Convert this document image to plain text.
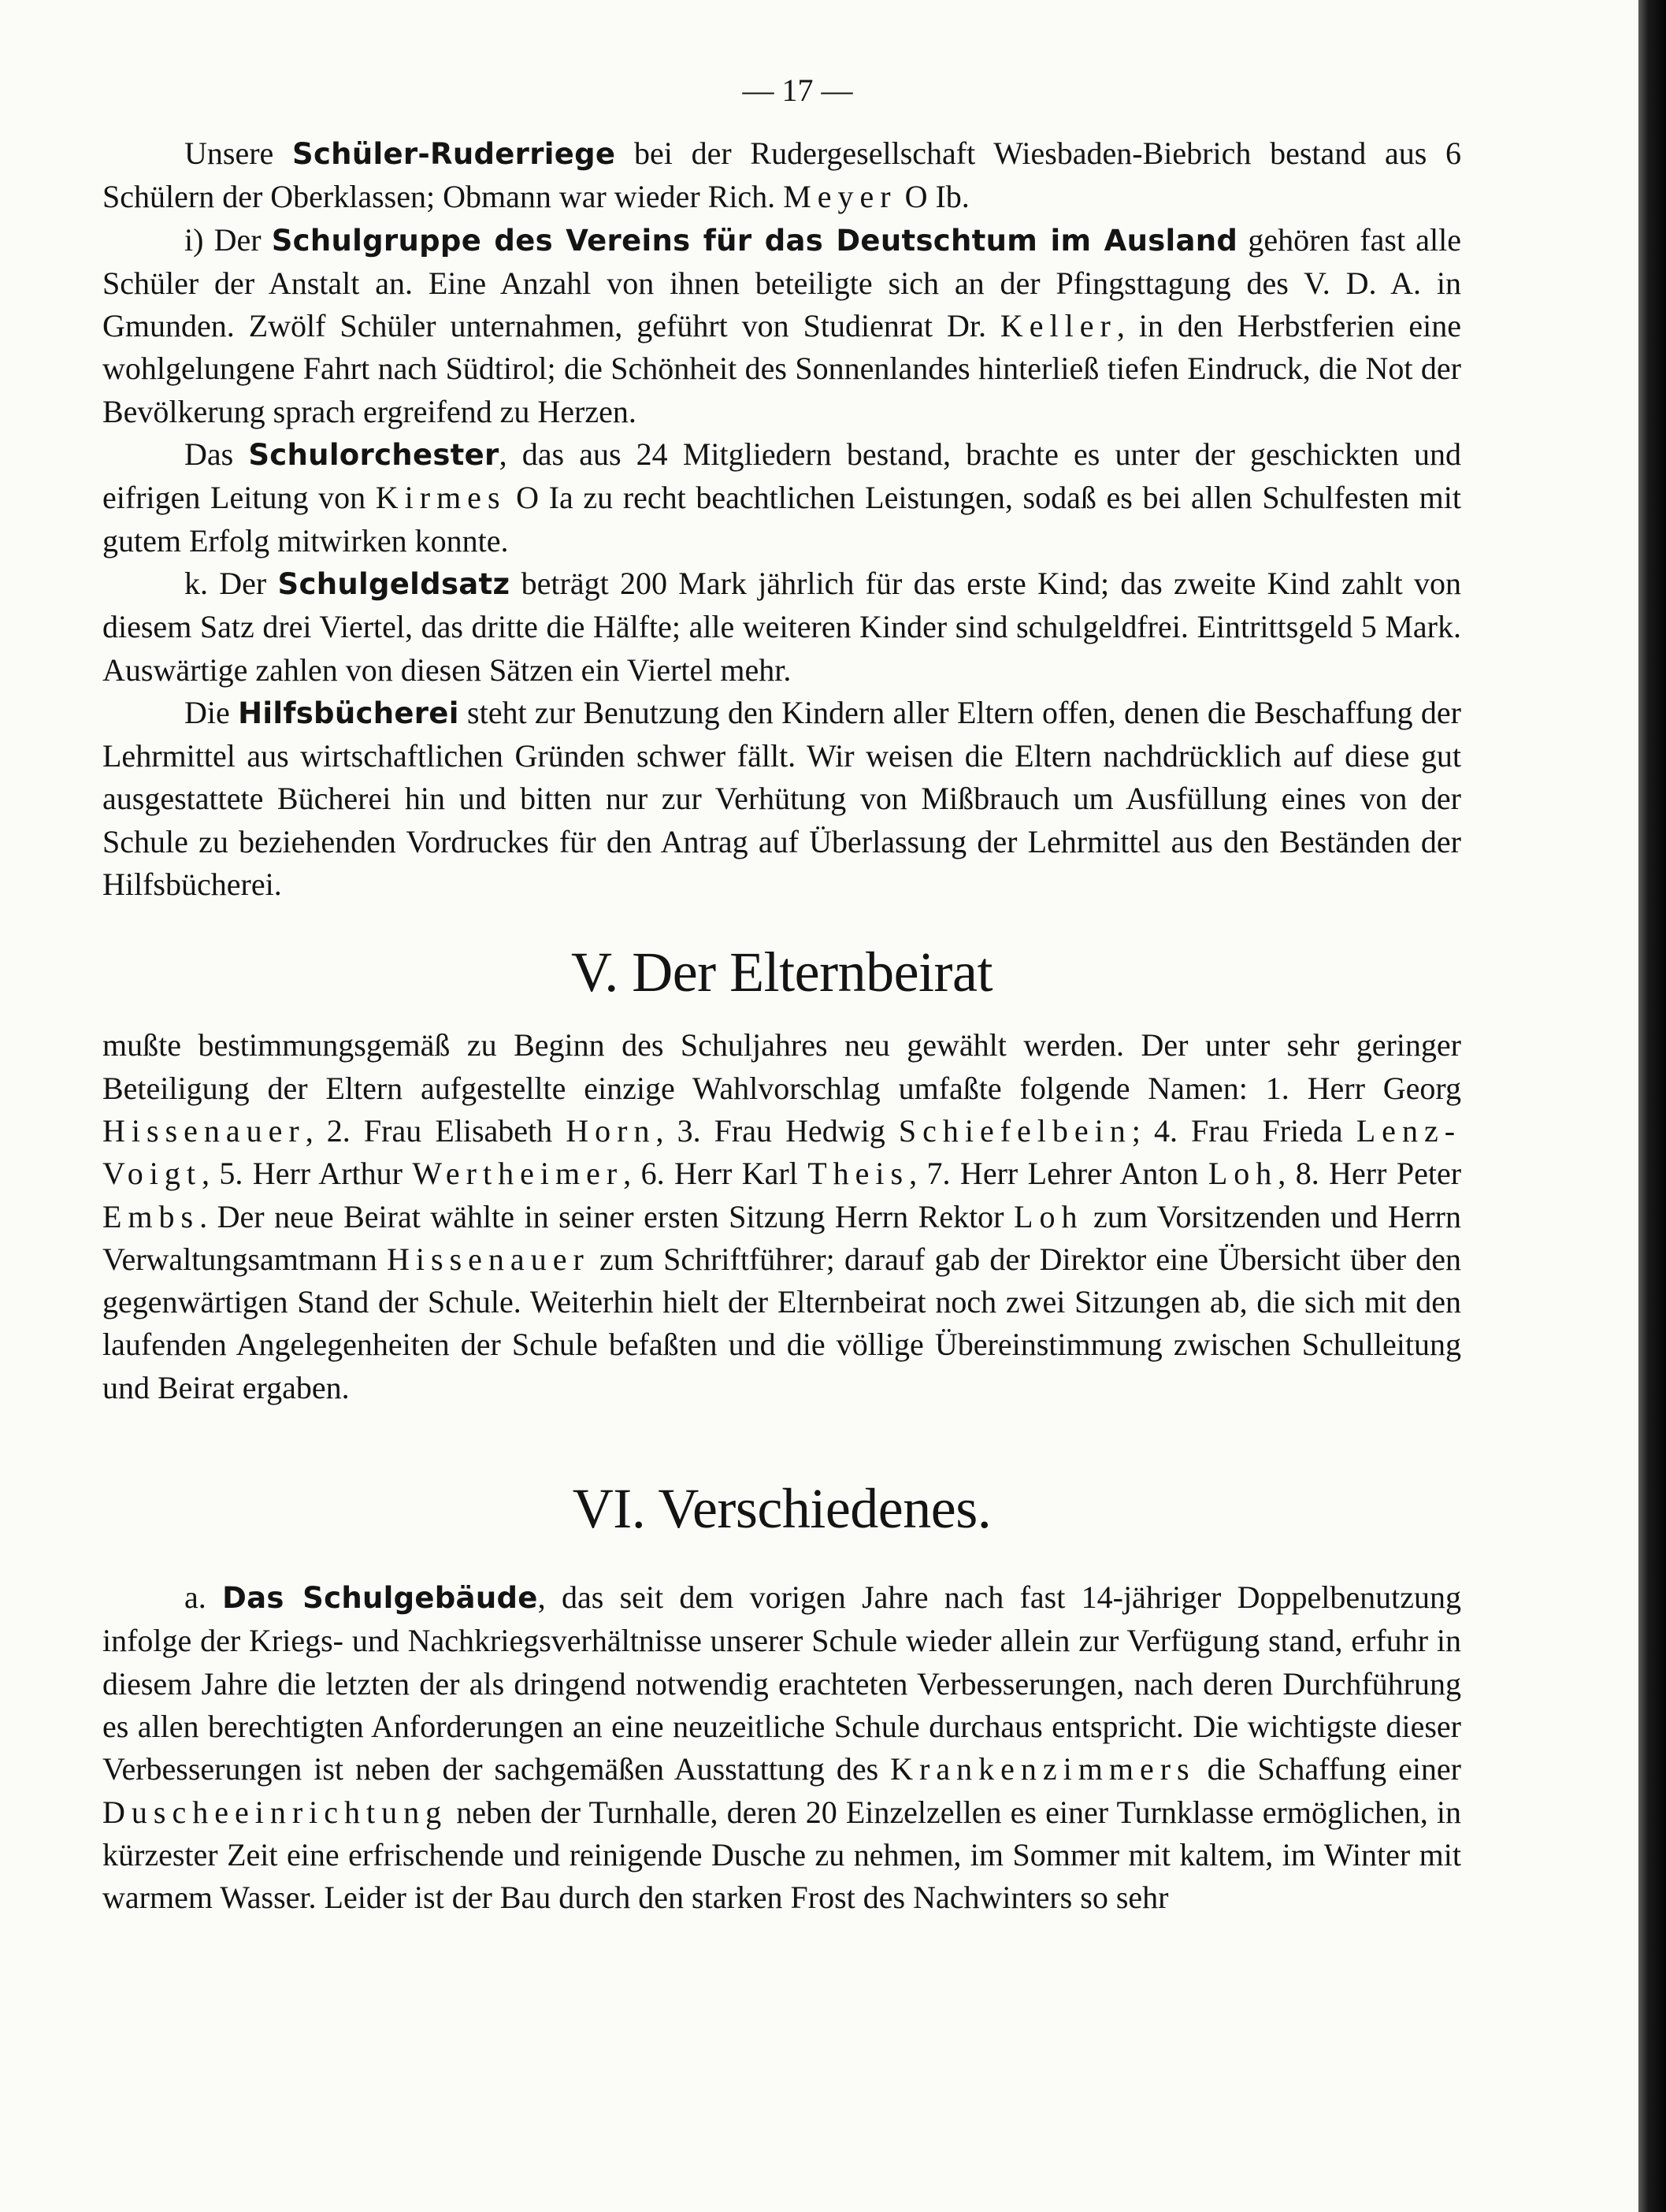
— 17 —

Unsere Schüler-Ruderriege bei der Rudergesellschaft Wiesbaden-Biebrich bestand aus 6 Schülern der Oberklassen; Obmann war wieder Rich. Meyer O Ib.

i) Der Schulgruppe des Vereins für das Deutschtum im Ausland gehören fast alle Schüler der Anstalt an. Eine Anzahl von ihnen beteiligte sich an der Pfingsttagung des V. D. A. in Gmunden. Zwölf Schüler unternahmen, geführt von Studienrat Dr. Keller, in den Herbstferien eine wohlgelungene Fahrt nach Südtirol; die Schönheit des Sonnenlandes hinterließ tiefen Eindruck, die Not der Bevölkerung sprach ergreifend zu Herzen.

Das Schulorchester, das aus 24 Mitgliedern bestand, brachte es unter der geschickten und eifrigen Leitung von Kirmes O Ia zu recht beachtlichen Leistungen, sodaß es bei allen Schulfesten mit gutem Erfolg mitwirken konnte.

k. Der Schulgeldsatz beträgt 200 Mark jährlich für das erste Kind; das zweite Kind zahlt von diesem Satz drei Viertel, das dritte die Hälfte; alle weiteren Kinder sind schulgeldfrei. Eintrittsgeld 5 Mark. Auswärtige zahlen von diesen Sätzen ein Viertel mehr.

Die Hilfsbücherei steht zur Benutzung den Kindern aller Eltern offen, denen die Beschaffung der Lehrmittel aus wirtschaftlichen Gründen schwer fällt. Wir weisen die Eltern nachdrücklich auf diese gut ausgestattete Bücherei hin und bitten nur zur Verhütung von Mißbrauch um Ausfüllung eines von der Schule zu beziehenden Vordruckes für den Antrag auf Überlassung der Lehrmittel aus den Beständen der Hilfsbücherei.

V. Der Elternbeirat

mußte bestimmungsgemäß zu Beginn des Schuljahres neu gewählt werden. Der unter sehr geringer Beteiligung der Eltern aufgestellte einzige Wahlvorschlag umfaßte folgende Namen: 1. Herr Georg Hissenauer, 2. Frau Elisabeth Horn, 3. Frau Hedwig Schiefelbein; 4. Frau Frieda Lenz-Voigt, 5. Herr Arthur Wertheimer, 6. Herr Karl Theis, 7. Herr Lehrer Anton Loh, 8. Herr Peter Embs. Der neue Beirat wählte in seiner ersten Sitzung Herrn Rektor Loh zum Vorsitzenden und Herrn Verwaltungsamtmann Hissenauer zum Schriftführer; darauf gab der Direktor eine Übersicht über den gegenwärtigen Stand der Schule. Weiterhin hielt der Elternbeirat noch zwei Sitzungen ab, die sich mit den laufenden Angelegenheiten der Schule befaßten und die völlige Übereinstimmung zwischen Schulleitung und Beirat ergaben.

VI. Verschiedenes.

a. Das Schulgebäude, das seit dem vorigen Jahre nach fast 14-jähriger Doppelbenutzung infolge der Kriegs- und Nachkriegsverhältnisse unserer Schule wieder allein zur Verfügung stand, erfuhr in diesem Jahre die letzten der als dringend notwendig erachteten Verbesserungen, nach deren Durchführung es allen berechtigten Anforderungen an eine neuzeitliche Schule durchaus entspricht. Die wichtigste dieser Verbesserungen ist neben der sachgemäßen Ausstattung des Krankenzimmers die Schaffung einer Duscheeinrichtung neben der Turnhalle, deren 20 Einzelzellen es einer Turnklasse ermöglichen, in kürzester Zeit eine erfrischende und reinigende Dusche zu nehmen, im Sommer mit kaltem, im Winter mit warmem Wasser. Leider ist der Bau durch den starken Frost des Nachwinters so sehr
